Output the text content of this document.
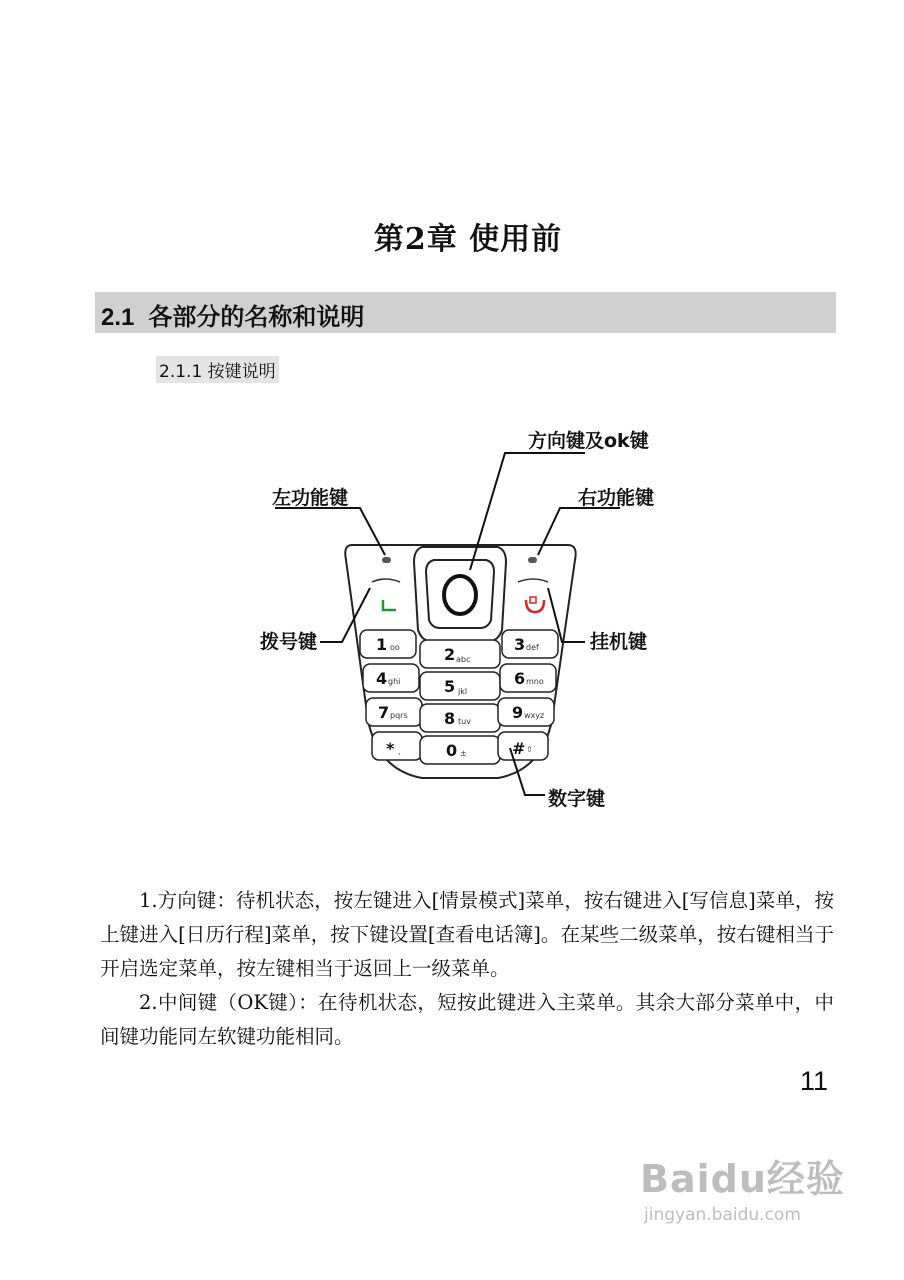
第2章 使用前
2.1 各部分的名称和说明
2.1.1 按键说明
1 oo	2 abc
3 def
4 ghi	5 jkl
6 mno
7 pqrs 8 tuv	9 wxyz
* ,	0 ±	# ⇧
方向键及ok键
左功能键	右功能键
拨号键	挂机键
数字键

1.方向键：待机状态，按左键进入[情景模式]菜单，按右键进入[写信息]菜单，按上键进入[日历行程]菜单，按下键设置[查看电话簿]。在某些二级菜单，按右键相当于开启选定菜单，按左键相当于返回上一级菜单。

2.中间键（OK键）：在待机状态，短按此键进入主菜单。其余大部分菜单中，中间键功能同左软键功能相同。

11
Baidu经验
jingyan.baidu.com
